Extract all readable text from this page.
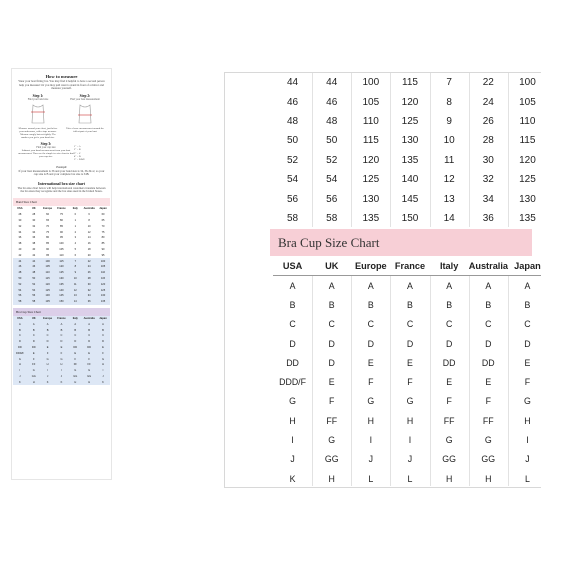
How to measure
Wear your best fitting bra. You may find it helpful to have a second person help you measure! Or you may pull want to stand in front of a mirror and measure yourself.
Step 1:
Find your band size
Measure around your chest, just below your underarms, with a tape measure. Measure snugly but not tightly. The number you get is your band size.
Step 2:
Find your bust measurement
Take a loose measurement around the fullest part of your bust
Step 3:
Find your cup size
Subtract your band measurement from your bust measurement. Then use the simple tea size chart to find your cup size.
1" = A
2" = B
3" = C
4" = D
5" = DD/E
Example
If your bust measurement is 36 and your band size is 34, 36-34=2, so your cup size is B and your complete bra size is 34B.
International bra size chart
The bra size chart below will help international customers translate between the bra sizes they recognize and the bra sizes used in the United States.
Band Size Chart
USA	UK	Europe	France	Italy	Australia	Japan
28	28	60	75	0	6	60
30	30	65	80	1	8	65
32	32	70	85	1	10	70
34	34	75	90	2	12	75
36	36	80	95	3	14	80
38	38	85	100	4	16	85
40	40	90	105	5	18	90
42	42	95	110	6	20	95
44	44	100	115	7	22	100
46	46	105	120	8	24	105
48	48	110	125	9	26	110
50	50	115	130	10	28	115
52	52	120	135	11	30	120
54	54	125	140	12	32	125
56	56	130	145	13	34	130
58	58	135	150	14	36	135
Bra Cup Size Chart
USA	UK	Europe	France	Italy	Australia	Japan
A	A	A	A	A	A	A
B	B	B	B	B	B	B
C	C	C	C	C	C	C
D	D	D	D	D	D	D
DD	DD	E	E	DD	DD	E
DDD/F	E	F	F	E	E	F
G	F	G	G	F	F	G
H	FF	H	H	FF	FF	H
I	G	I	I	G	G	I
J	GG	J	J	GG	GG	J
K	H	K	K	H	H	K
44	44	100	115	7	22	100
46	46	105	120	8	24	105
48	48	110	125	9	26	110
50	50	115	130	10	28	115
52	52	120	135	11	30	120
54	54	125	140	12	32	125
56	56	130	145	13	34	130
58	58	135	150	14	36	135
Bra Cup Size Chart
USA	UK	Europe	France	Italy	Australia	Japan
A	A	A	A	A	A	A
B	B	B	B	B	B	B
C	C	C	C	C	C	C
D	D	D	D	D	D	D
DD	D	E	E	DD	DD	E
DDD/F	E	F	F	E	E	F
G	F	G	G	F	F	G
H	FF	H	H	FF	FF	H
I	G	I	I	G	G	I
J	GG	J	J	GG	GG	J
K	H	L	L	H	H	L
